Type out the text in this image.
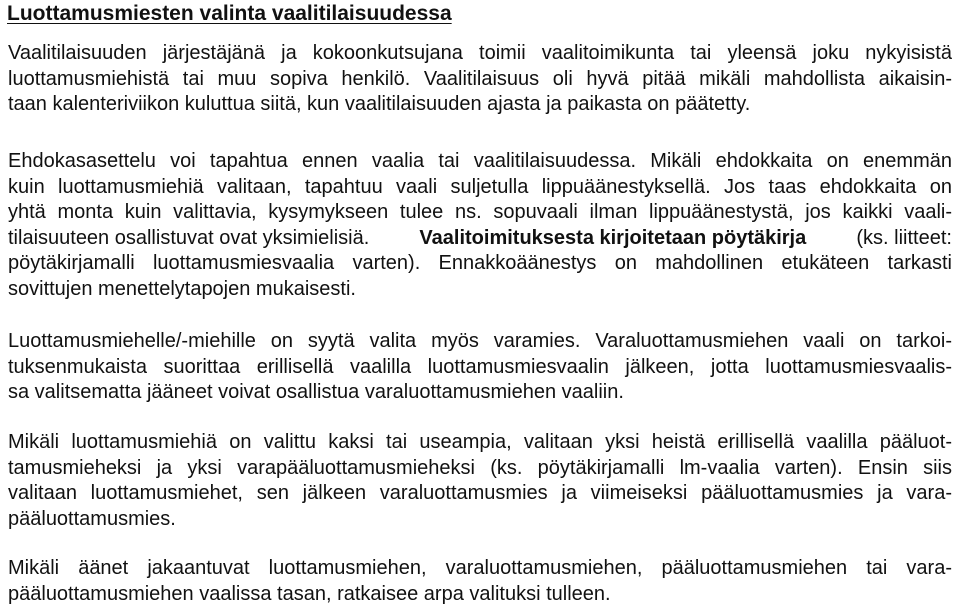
Luottamusmiesten valinta vaalitilaisuudessa

Vaalitilaisuuden järjestäjänä ja kokoonkutsujana toimii vaalitoimikunta tai yleensä joku nykyisistä
luottamusmiehistä tai muu sopiva henkilö. Vaalitilaisuus oli hyvä pitää mikäli mahdollista aikaisin-
taan kalenteriviikon kuluttua siitä, kun vaalitilaisuuden ajasta ja paikasta on päätetty.

Ehdokasasettelu voi tapahtua ennen vaalia tai vaalitilaisuudessa. Mikäli ehdokkaita on enemmän
kuin luottamusmiehiä valitaan, tapahtuu vaali suljetulla lippuäänestyksellä. Jos taas ehdokkaita on
yhtä monta kuin valittavia, kysymykseen tulee ns. sopuvaali ilman lippuäänestystä, jos kaikki vaali-
tilaisuuteen osallistuvat ovat yksimielisiä. Vaalitoimituksesta kirjoitetaan pöytäkirja (ks. liitteet:
pöytäkirjamalli luottamusmiesvaalia varten). Ennakkoäänestys on mahdollinen etukäteen tarkasti
sovittujen menettelytapojen mukaisesti.

Luottamusmiehelle/-miehille on syytä valita myös varamies. Varaluottamusmiehen vaali on tarkoi-
tuksenmukaista suorittaa erillisellä vaalilla luottamusmiesvaalin jälkeen, jotta luottamusmiesvaalis-
sa valitsematta jääneet voivat osallistua varaluottamusmiehen vaaliin.

Mikäli luottamusmiehiä on valittu kaksi tai useampia, valitaan yksi heistä erillisellä vaalilla pääluot-
tamusmieheksi ja yksi varapääluottamusmieheksi (ks. pöytäkirjamalli lm-vaalia varten). Ensin siis
valitaan luottamusmiehet, sen jälkeen varaluottamusmies ja viimeiseksi pääluottamusmies ja vara-
pääluottamusmies.

Mikäli äänet jakaantuvat luottamusmiehen, varaluottamusmiehen, pääluottamusmiehen tai vara-
pääluottamusmiehen vaalissa tasan, ratkaisee arpa valituksi tulleen.
